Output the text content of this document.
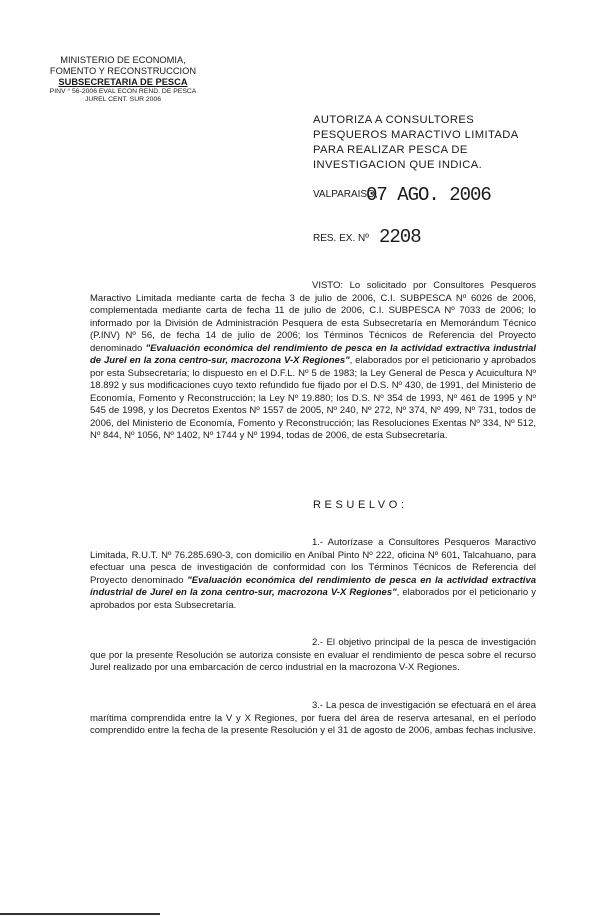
MINISTERIO DE ECONOMIA,
FOMENTO Y RECONSTRUCCION
SUBSECRETARIA DE PESCA
PINV ° 56-2006 EVAL ECON REND. DE PESCA
JUREL CENT. SUR 2006
AUTORIZA A CONSULTORES PESQUEROS MARACTIVO LIMITADA PARA REALIZAR PESCA DE INVESTIGACION QUE INDICA.
VALPARAISO,
07 AGO. 2006
RES. EX. Nº 2208

VISTO: Lo solicitado por Consultores Pesqueros Maractivo Limitada mediante carta de fecha 3 de julio de 2006, C.I. SUBPESCA Nº 6026 de 2006, complementada mediante carta de fecha 11 de julio de 2006, C.I. SUBPESCA Nº 7033 de 2006; lo informado por la División de Administración Pesquera de esta Subsecretaría en Memorándum Técnico (P.INV) Nº 56, de fecha 14 de julio de 2006; los Términos Técnicos de Referencia del Proyecto denominado "Evaluación económica del rendimiento de pesca en la actividad extractiva industrial de Jurel en la zona centro-sur, macrozona V-X Regiones", elaborados por el peticionario y aprobados por esta Subsecretaría; lo dispuesto en el D.F.L. Nº 5 de 1983; la Ley General de Pesca y Acuicultura Nº 18.892 y sus modificaciones cuyo texto refundido fue fijado por el D.S. Nº 430, de 1991, del Ministerio de Economía, Fomento y Reconstrucción; la Ley Nº 19.880; los D.S. Nº 354 de 1993, Nº 461 de 1995 y Nº 545 de 1998, y los Decretos Exentos Nº 1557 de 2005, Nº 240, Nº 272, Nº 374, Nº 499, Nº 731, todos de 2006, del Ministerio de Economía, Fomento y Reconstrucción; las Resoluciones Exentas Nº 334, Nº 512, Nº 844, Nº 1056, Nº 1402, Nº 1744 y Nº 1994, todas de 2006, de esta Subsecretaría.

RESUELVO:

1.- Autorízase a Consultores Pesqueros Maractivo Limitada, R.U.T. Nº 76.285.690-3, con domicilio en Aníbal Pinto Nº 222, oficina Nº 601, Talcahuano, para efectuar una pesca de investigación de conformidad con los Términos Técnicos de Referencia del Proyecto denominado "Evaluación económica del rendimiento de pesca en la actividad extractiva industrial de Jurel en la zona centro-sur, macrozona V-X Regiones", elaborados por el peticionario y aprobados por esta Subsecretaría.

2.- El objetivo principal de la pesca de investigación que por la presente Resolución se autoriza consiste en evaluar el rendimiento de pesca sobre el recurso Jurel realizado por una embarcación de cerco industrial en la macrozona V-X Regiones.

3.- La pesca de investigación se efectuará en el área marítima comprendida entre la V y X Regiones, por fuera del área de reserva artesanal, en el período comprendido entre la fecha de la presente Resolución y el 31 de agosto de 2006, ambas fechas inclusive.
